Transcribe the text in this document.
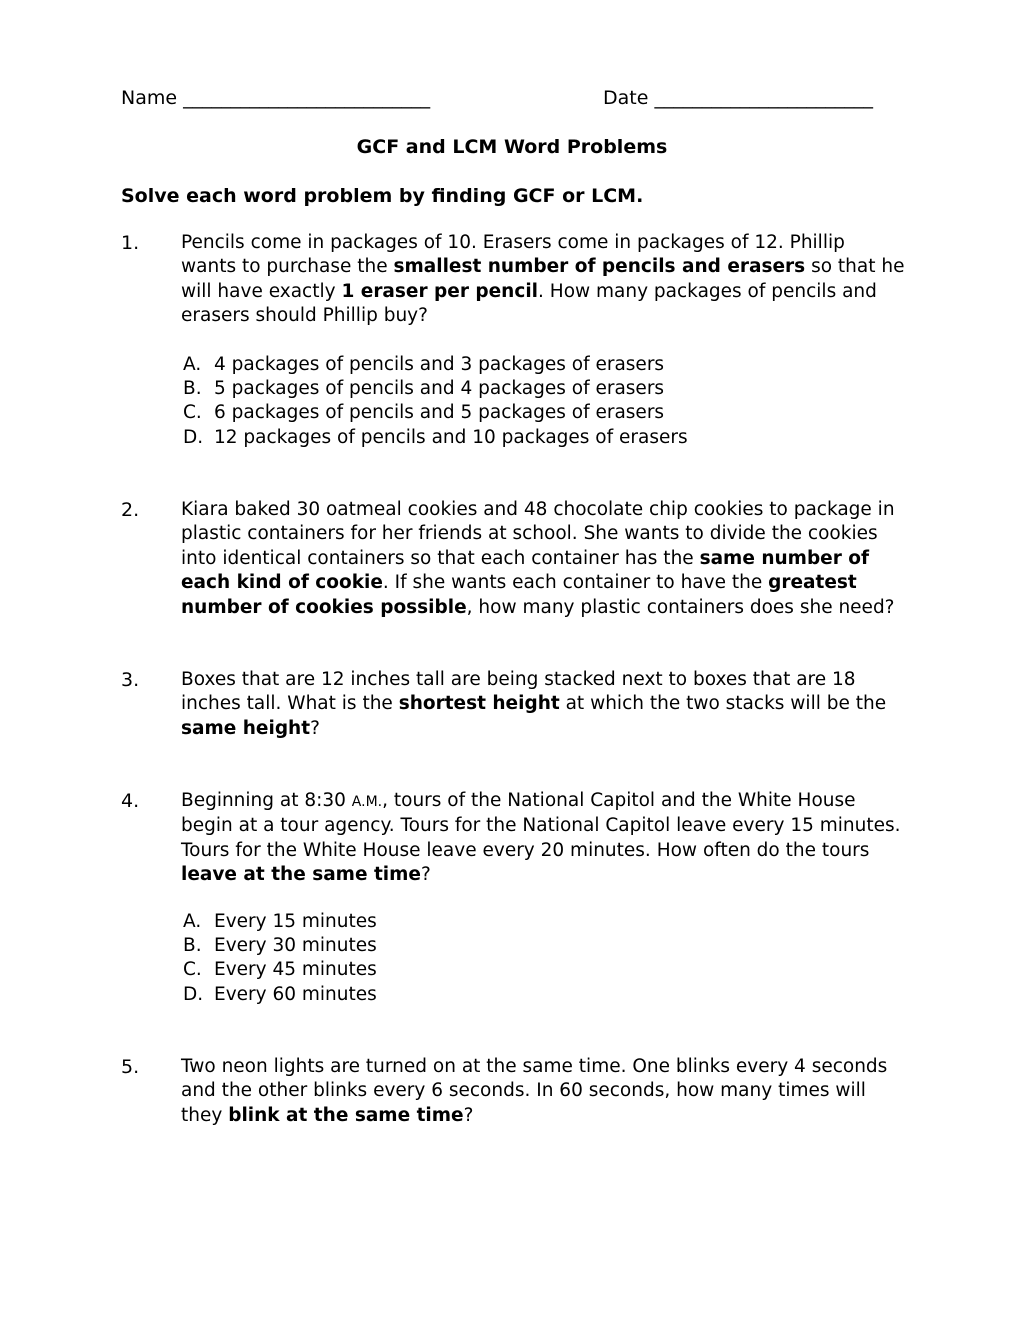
Name __________________________	Date _______________________
GCF and LCM Word Problems
Solve each word problem by finding GCF or LCM.
1. Pencils come in packages of 10. Erasers come in packages of 12. Phillip wants to purchase the smallest number of pencils and erasers so that he will have exactly 1 eraser per pencil. How many packages of pencils and erasers should Phillip buy?
A. 4 packages of pencils and 3 packages of erasers
B. 5 packages of pencils and 4 packages of erasers
C. 6 packages of pencils and 5 packages of erasers
D. 12 packages of pencils and 10 packages of erasers
2. Kiara baked 30 oatmeal cookies and 48 chocolate chip cookies to package in plastic containers for her friends at school. She wants to divide the cookies into identical containers so that each container has the same number of each kind of cookie. If she wants each container to have the greatest number of cookies possible, how many plastic containers does she need?
3. Boxes that are 12 inches tall are being stacked next to boxes that are 18 inches tall. What is the shortest height at which the two stacks will be the same height?
4. Beginning at 8:30 A.M., tours of the National Capitol and the White House begin at a tour agency. Tours for the National Capitol leave every 15 minutes. Tours for the White House leave every 20 minutes. How often do the tours leave at the same time?
A. Every 15 minutes
B. Every 30 minutes
C. Every 45 minutes
D. Every 60 minutes
5. Two neon lights are turned on at the same time. One blinks every 4 seconds and the other blinks every 6 seconds. In 60 seconds, how many times will they blink at the same time?
